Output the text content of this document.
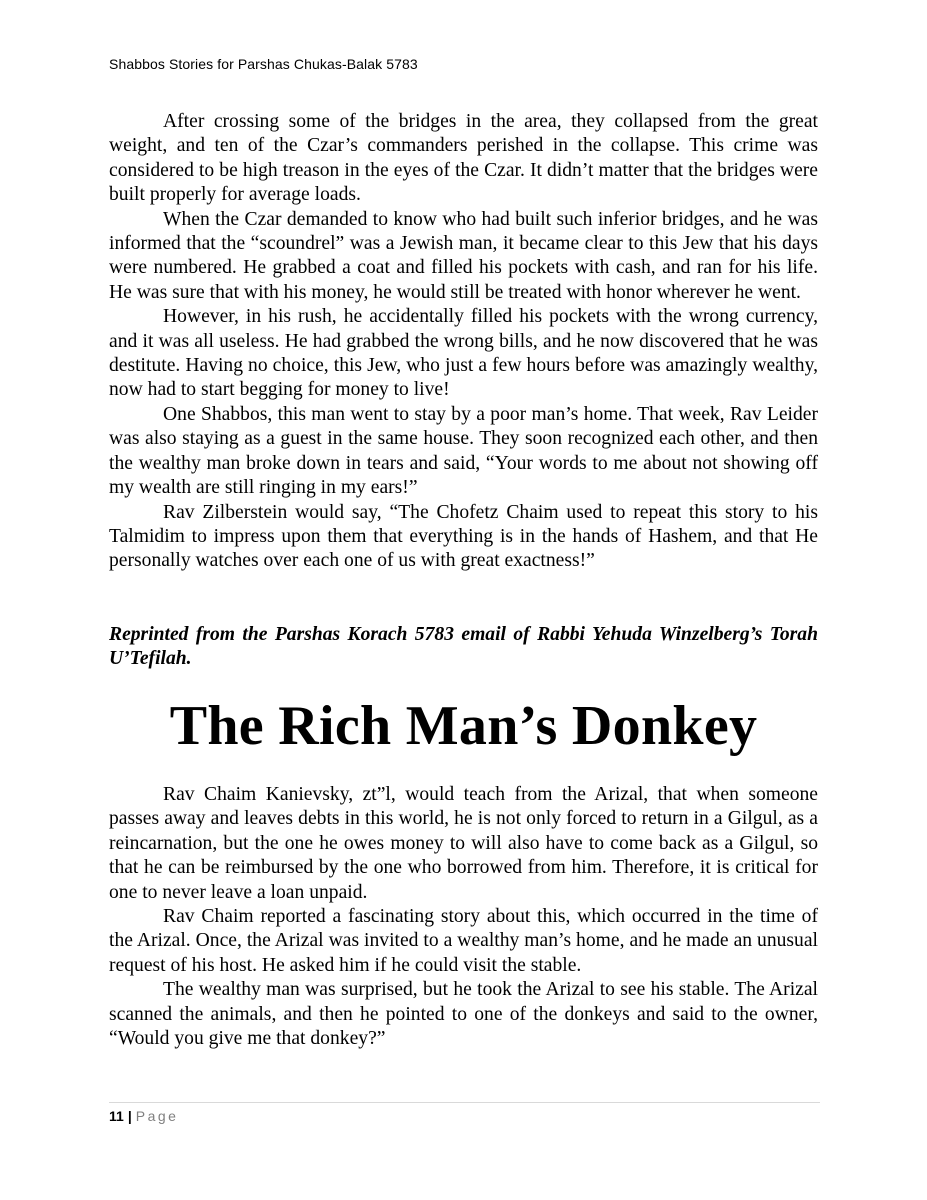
Shabbos Stories for Parshas Chukas-Balak 5783

After crossing some of the bridges in the area, they collapsed from the great weight, and ten of the Czar’s commanders perished in the collapse. This crime was considered to be high treason in the eyes of the Czar. It didn’t matter that the bridges were built properly for average loads.

When the Czar demanded to know who had built such inferior bridges, and he was informed that the “scoundrel” was a Jewish man, it became clear to this Jew that his days were numbered. He grabbed a coat and filled his pockets with cash, and ran for his life. He was sure that with his money, he would still be treated with honor wherever he went.

However, in his rush, he accidentally filled his pockets with the wrong currency, and it was all useless. He had grabbed the wrong bills, and he now discovered that he was destitute. Having no choice, this Jew, who just a few hours before was amazingly wealthy, now had to start begging for money to live!

One Shabbos, this man went to stay by a poor man’s home. That week, Rav Leider was also staying as a guest in the same house. They soon recognized each other, and then the wealthy man broke down in tears and said, “Your words to me about not showing off my wealth are still ringing in my ears!”

Rav Zilberstein would say, “The Chofetz Chaim used to repeat this story to his Talmidim to impress upon them that everything is in the hands of Hashem, and that He personally watches over each one of us with great exactness!”

Reprinted from the Parshas Korach 5783 email of Rabbi Yehuda Winzelberg’s Torah U’Tefilah.
The Rich Man’s Donkey

Rav Chaim Kanievsky, zt”l, would teach from the Arizal, that when someone passes away and leaves debts in this world, he is not only forced to return in a Gilgul, as a reincarnation, but the one he owes money to will also have to come back as a Gilgul, so that he can be reimbursed by the one who borrowed from him. Therefore, it is critical for one to never leave a loan unpaid.

Rav Chaim reported a fascinating story about this, which occurred in the time of the Arizal. Once, the Arizal was invited to a wealthy man’s home, and he made an unusual request of his host. He asked him if he could visit the stable.

The wealthy man was surprised, but he took the Arizal to see his stable. The Arizal scanned the animals, and then he pointed to one of the donkeys and said to the owner, “Would you give me that donkey?”

11 | Page
